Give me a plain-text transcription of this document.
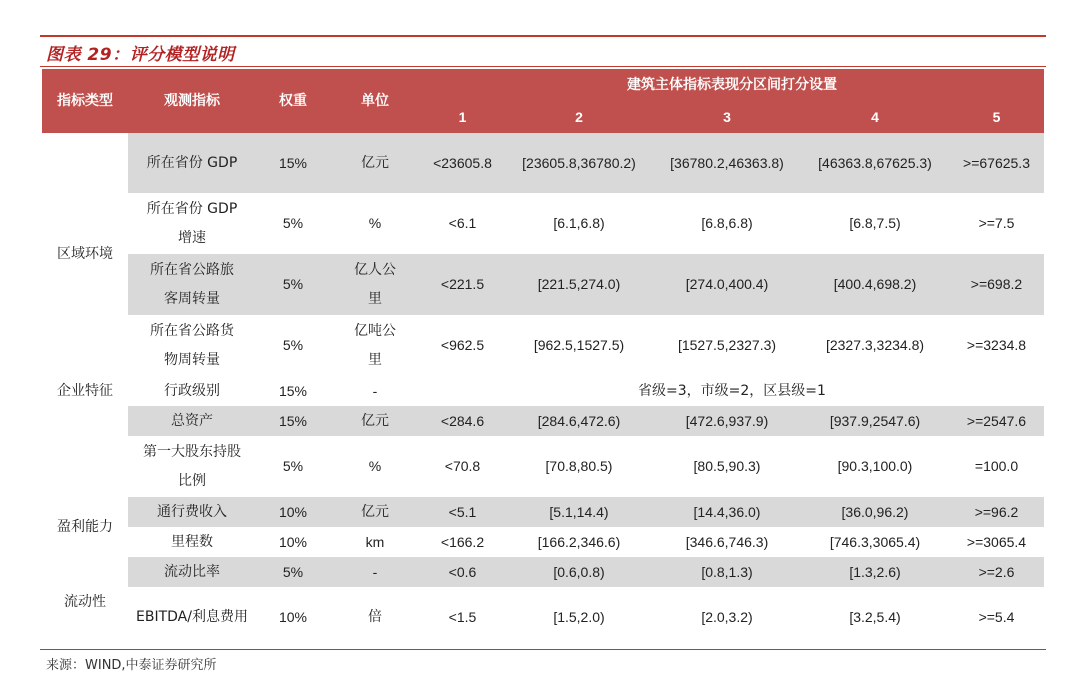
图表 29：评分模型说明
指标类型	观测指标	权重	单位	建筑主体指标表现分区间打分设置				
				1	2	3	4	5
区域环境	所在省份 GDP	15%	亿元	<23605.8	[23605.8,36780.2)	[36780.2,46363.8)	[46363.8,67625.3)	>=67625.3
	所在省份 GDP 增速	5%	%	<6.1	[6.1,6.8)	[6.8,6.8)	[6.8,7.5)	>=7.5
	所在省公路旅客周转量	5%	亿人公里	<221.5	[221.5,274.0)	[274.0,400.4)	[400.4,698.2)	>=698.2
	所在省公路货物周转量	5%	亿吨公里	<962.5	[962.5,1527.5)	[1527.5,2327.3)	[2327.3,3234.8)	>=3234.8
企业特征	行政级别	15%	-	省级=3，市级=2，区县级=1				
	总资产	15%	亿元	<284.6	[284.6,472.6)	[472.6,937.9)	[937.9,2547.6)	>=2547.6
	第一大股东持股比例	5%	%	<70.8	[70.8,80.5)	[80.5,90.3)	[90.3,100.0)	=100.0
盈利能力	通行费收入	10%	亿元	<5.1	[5.1,14.4)	[14.4,36.0)	[36.0,96.2)	>=96.2
	里程数	10%	km	<166.2	[166.2,346.6)	[346.6,746.3)	[746.3,3065.4)	>=3065.4
流动性	流动比率	5%	-	<0.6	[0.6,0.8)	[0.8,1.3)	[1.3,2.6)	>=2.6
	EBITDA/利息费用	10%	倍	<1.5	[1.5,2.0)	[2.0,3.2)	[3.2,5.4)	>=5.4
来源：WIND,中泰证券研究所
